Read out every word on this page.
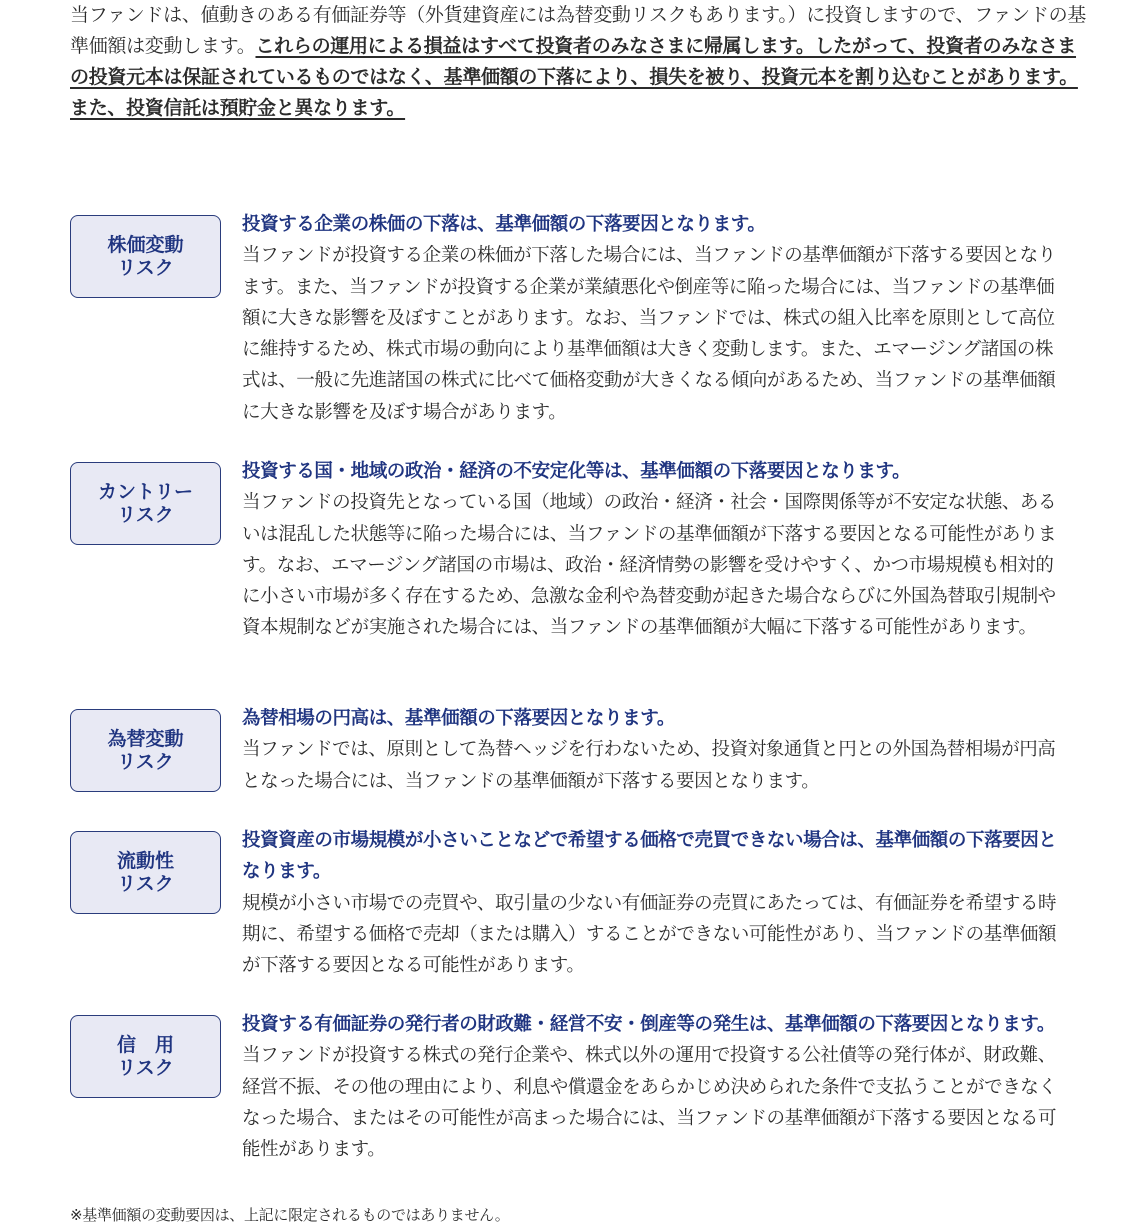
当ファンドは、値動きのある有価証券等（外貨建資産には為替変動リスクもあります。）に投資しますので、ファンドの基準価額は変動します。これらの運用による損益はすべて投資者のみなさまに帰属します。したがって、投資者のみなさまの投資元本は保証されているものではなく、基準価額の下落により、損失を被り、投資元本を割り込むことがあります。
また、投資信託は預貯金と異なります。
株価変動
リスク
投資する企業の株価の下落は、基準価額の下落要因となります。
当ファンドが投資する企業の株価が下落した場合には、当ファンドの基準価額が下落する要因となります。また、当ファンドが投資する企業が業績悪化や倒産等に陥った場合には、当ファンドの基準価額に大きな影響を及ぼすことがあります。なお、当ファンドでは、株式の組入比率を原則として高位に維持するため、株式市場の動向により基準価額は大きく変動します。また、エマージング諸国の株式は、一般に先進諸国の株式に比べて価格変動が大きくなる傾向があるため、当ファンドの基準価額に大きな影響を及ぼす場合があります。
カントリー
リスク
投資する国・地域の政治・経済の不安定化等は、基準価額の下落要因となります。
当ファンドの投資先となっている国（地域）の政治・経済・社会・国際関係等が不安定な状態、あるいは混乱した状態等に陥った場合には、当ファンドの基準価額が下落する要因となる可能性があります。なお、エマージング諸国の市場は、政治・経済情勢の影響を受けやすく、かつ市場規模も相対的に小さい市場が多く存在するため、急激な金利や為替変動が起きた場合ならびに外国為替取引規制や資本規制などが実施された場合には、当ファンドの基準価額が大幅に下落する可能性があります。
為替変動
リスク
為替相場の円高は、基準価額の下落要因となります。
当ファンドでは、原則として為替ヘッジを行わないため、投資対象通貨と円との外国為替相場が円高となった場合には、当ファンドの基準価額が下落する要因となります。
流動性
リスク
投資資産の市場規模が小さいことなどで希望する価格で売買できない場合は、基準価額の下落要因となります。
規模が小さい市場での売買や、取引量の少ない有価証券の売買にあたっては、有価証券を希望する時期に、希望する価格で売却（または購入）することができない可能性があり、当ファンドの基準価額が下落する要因となる可能性があります。
信　用
リスク
投資する有価証券の発行者の財政難・経営不安・倒産等の発生は、基準価額の下落要因となります。
当ファンドが投資する株式の発行企業や、株式以外の運用で投資する公社債等の発行体が、財政難、経営不振、その他の理由により、利息や償還金をあらかじめ決められた条件で支払うことができなくなった場合、またはその可能性が高まった場合には、当ファンドの基準価額が下落する要因となる可能性があります。
※基準価額の変動要因は、上記に限定されるものではありません。
